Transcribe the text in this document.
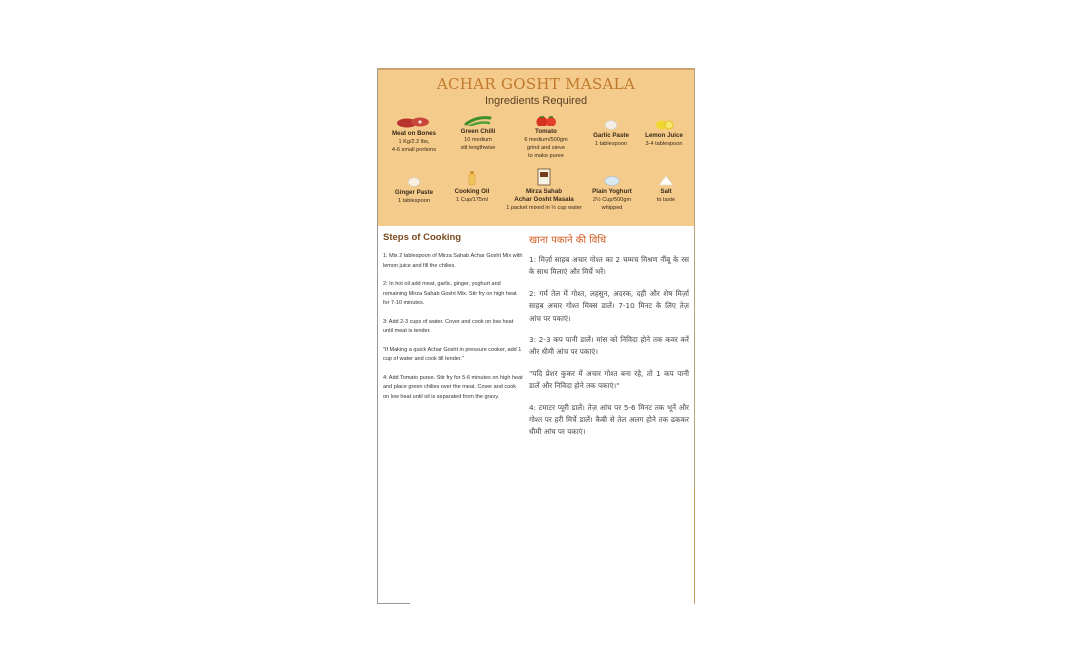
ACHAR GOSHT MASALA
Ingredients Required
Meat on Bones
1 Kg/2.2 lbs,
4-6 small portions
Green Chilli
10 medium
slit lengthwise
Tomato
6 medium/500gm
grind and sieve
to make puree
Garlic Paste
1 tablespoon
Lemon Juice
3-4 tablespoon
Ginger Paste
1 tablespoon
Cooking Oil
1 Cup/175ml
Mirza Sahab
Achar Gosht Masala
1 packet mixed in ½ cup water
Plain Yoghurt
2½ Cup/500gm
whipped
Salt
to taste
Steps of Cooking

1: Mix 2 tablespoon of Mirza Sahab Achar Gosht Mix with lemon juice and fill the chilies.

2: In hot oil add meat, garlic, ginger, yoghurt and remaining Mirza Sahab Gosht Mix. Stir fry on high heat for 7-10 minutes.

3: Add 2-3 cups of water. Cover and cook on low heat until meat is tender.

"If Making a quick Achar Gosht in pressure cooker, add 1 cup of water and cook till tender."

4: Add Tomato puree. Stir fry for 5-6 minutes on high heat and place green chilies over the meat. Cover and cook on low heat until oil is separated from the gravy.

खाना पकाने की विधि

1: मिर्ज़ा साहब अचार गोश्त का 2 चम्मच मिश्रण नींबू के रस के साथ मिलाएं और मिर्चे भरें।

2: गर्म तेल में गोश्त, लहसुन, अदरक, दही और शेष मिर्ज़ा साहब अचार गोश्त मिक्स डालें। 7-10 मिनट के लिए तेज़ आंच पर पकाएं।

3: 2-3 कप पानी डालें। मांस को निविदा होने तक कवर करें और धीमी आंच पर पकाएं।

"यदि प्रेशर कुकर में अचार गोश्त बना रहे, तो 1 कप पानी डालें और निविदा होने तक पकाएं।"

4: टमाटर प्यूरी डालें। तेज़ आंच पर 5-6 मिनट तक भूनें और गोश्त पर हरी मिर्चे डालें। कैबी से तेल अलग होने तक ढककर धीमी आंच पर पकाएं।
